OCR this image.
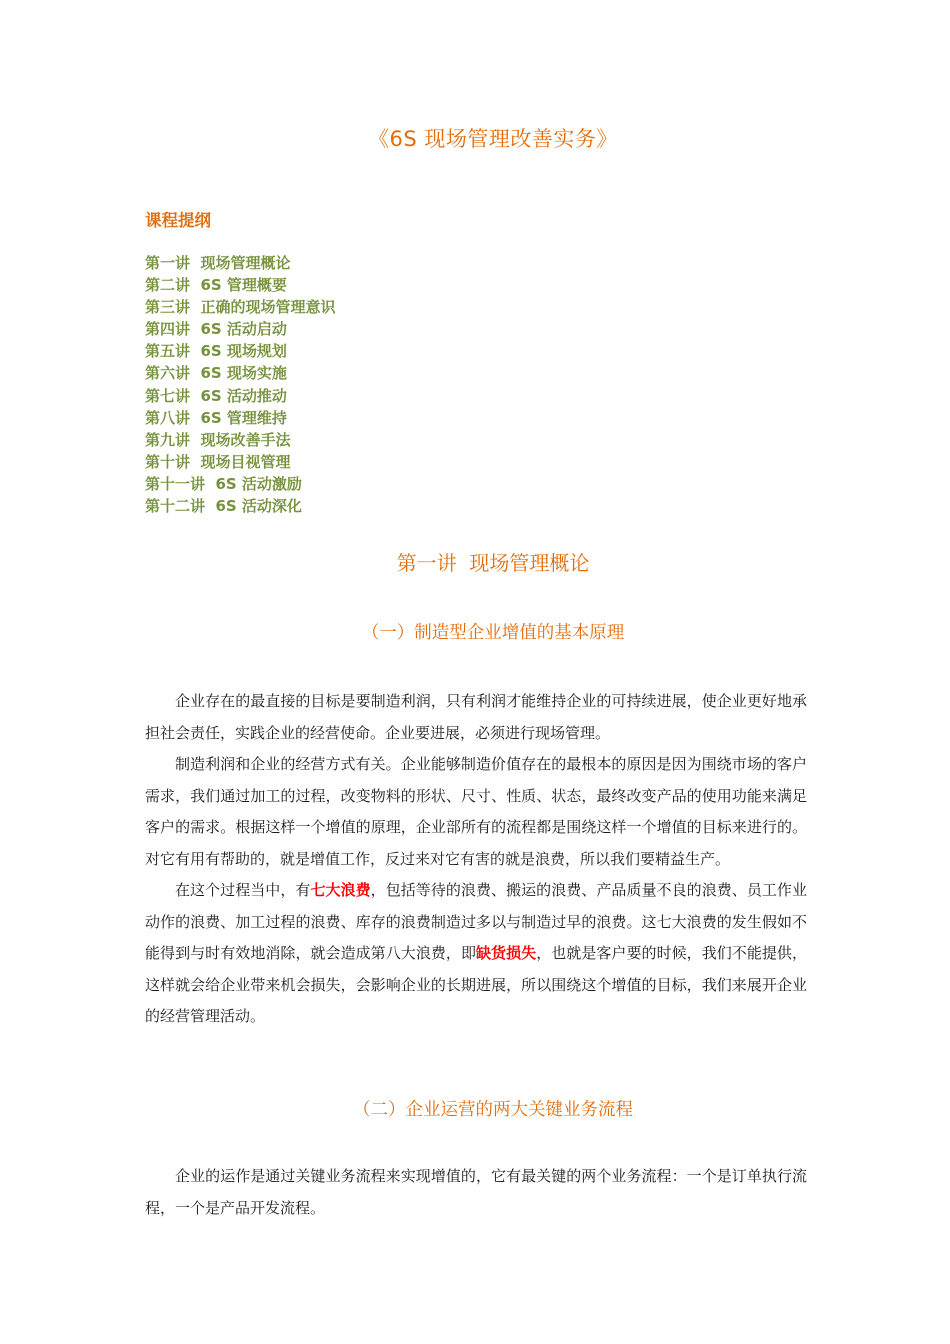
《6S 现场管理改善实务》
课程提纲
第一讲  现场管理概论
第二讲  6S 管理概要
第三讲  正确的现场管理意识
第四讲  6S 活动启动
第五讲  6S 现场规划
第六讲  6S 现场实施
第七讲  6S 活动推动
第八讲  6S 管理维持
第九讲  现场改善手法
第十讲  现场目视管理
第十一讲  6S 活动激励
第十二讲  6S 活动深化
第一讲  现场管理概论
（一）制造型企业增值的基本原理

企业存在的最直接的目标是要制造利润，只有利润才能维持企业的可持续进展，使企业更好地承担社会责任，实践企业的经营使命。企业要进展，必须进行现场管理。

制造利润和企业的经营方式有关。企业能够制造价值存在的最根本的原因是因为围绕市场的客户需求，我们通过加工的过程，改变物料的形状、尺寸、性质、状态，最终改变产品的使用功能来满足客户的需求。根据这样一个增值的原理，企业部所有的流程都是围绕这样一个增值的目标来进行的。对它有用有帮助的，就是增值工作，反过来对它有害的就是浪费，所以我们要精益生产。

在这个过程当中，有七大浪费，包括等待的浪费、搬运的浪费、产品质量不良的浪费、员工作业动作的浪费、加工过程的浪费、库存的浪费制造过多以与制造过早的浪费。这七大浪费的发生假如不能得到与时有效地消除，就会造成第八大浪费，即缺货损失，也就是客户要的时候，我们不能提供，这样就会给企业带来机会损失，会影响企业的长期进展，所以围绕这个增值的目标，我们来展开企业的经营管理活动。

（二）企业运营的两大关键业务流程

企业的运作是通过关键业务流程来实现增值的，它有最关键的两个业务流程：一个是订单执行流程，一个是产品开发流程。
